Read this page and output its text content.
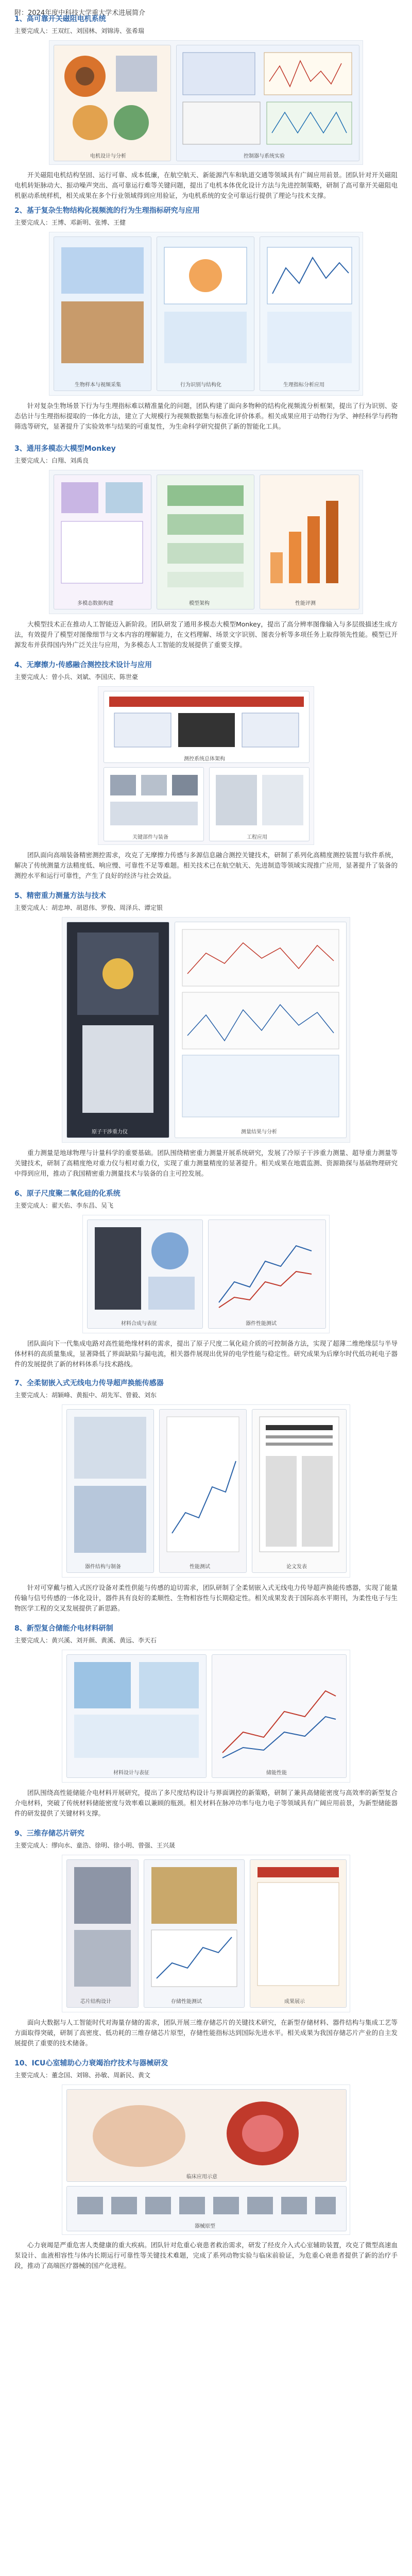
附：2024年度中科技大学重大学术进展简介

1、高可靠开关磁阻电机系统

主要完成人：王双红、刘国林、刘锦涛、张希瑞

电机设计与分析	控制器与系统实验

开关磁阻电机结构坚固、运行可靠、成本低廉，在航空航天、新能源汽车和轨道交通等领域具有广阔应用前景。团队针对开关磁阻电机转矩脉动大、振动噪声突出、高可靠运行难等关键问题，提出了电机本体优化设计方法与先进控制策略，研制了高可靠开关磁阻电机驱动系统样机，相关成果在多个行业领域得到应用验证，为电机系统的安全可靠运行提供了理论与技术支撑。

2、基于复杂生物结构化视频流的行为生理指标研究与应用

主要完成人：王博、邓新明、张博、王健

生物样本与视频采集	行为识别与结构化	生理指标分析应用

针对复杂生物场景下行为与生理指标难以精准量化的问题，团队构建了面向多物种的结构化视频流分析框架，提出了行为识别、姿态估计与生理指标提取的一体化方法，建立了大规模行为视频数据集与标准化评价体系。相关成果应用于动物行为学、神经科学与药物筛选等研究，显著提升了实验效率与结果的可重复性，为生命科学研究提供了新的智能化工具。

3、通用多模态大模型Monkey

主要完成人：白翔、刘禹良

多模态数据构建	模型架构	性能评测

大模型技术正在推动人工智能迈入新阶段。团队研发了通用多模态大模型Monkey，提出了高分辨率图像输入与多层级描述生成方法，有效提升了模型对图像细节与文本内容的理解能力，在文档理解、场景文字识别、图表分析等多项任务上取得领先性能。模型已开源发布并获得国内外广泛关注与应用，为多模态人工智能的发展提供了重要支撑。

4、无摩擦力·传感融合测控技术设计与应用

主要完成人：曾小兵、刘斌、李国庆、陈世豪

测控系统总体架构
关键部件与装备	工程应用

团队面向高端装备精密测控需求，攻克了无摩擦力传感与多源信息融合测控关键技术，研制了系列化高精度测控装置与软件系统，解决了传统测量方法精度低、响应慢、可靠性不足等难题。相关技术已在航空航天、先进制造等领域实现推广应用，显著提升了装备的测控水平和运行可靠性，产生了良好的经济与社会效益。

5、精密重力测量方法与技术

主要完成人：胡忠坤、胡恩伟、罗俊、周泽兵、谭定银

原子干涉重力仪	测量结果与分析

重力测量是地球物理与计量科学的重要基础。团队围绕精密重力测量开展系统研究，发展了冷原子干涉重力测量、超导重力测量等关键技术，研制了高精度绝对重力仪与相对重力仪，实现了重力测量精度的显著提升。相关成果在地震监测、资源勘探与基础物理研究中得到应用，推动了我国精密重力测量技术与装备的自主可控发展。

6、原子尺度聚二氧化硅的化系统

主要完成人：翟天佑、李东昌、吴飞

材料合成与表征	器件性能测试

团队面向下一代集成电路对高性能绝缘材料的需求，提出了原子尺度二氧化硅介质的可控制备方法，实现了超薄二维绝缘层与半导体材料的高质量集成，显著降低了界面缺陷与漏电流，相关器件展现出优异的电学性能与稳定性。研究成果为后摩尔时代低功耗电子器件的发展提供了新的材料体系与技术路线。

7、全柔韧嵌入式无线电力传导超声换能传感器

主要完成人：胡颖峰、黄振中、胡先军、曾毅、刘东

器件结构与制备	性能测试	论文发表

针对可穿戴与植入式医疗设备对柔性供能与传感的迫切需求，团队研制了全柔韧嵌入式无线电力传导超声换能传感器，实现了能量传输与信号传感的一体化设计，器件具有良好的柔顺性、生物相容性与长期稳定性。相关成果发表于国际高水平期刊，为柔性电子与生物医学工程的交叉发展提供了新思路。

8、新型复合储能介电材料研制

主要完成人：黄兴溪、刘开颜、黄溪、黄远、李天石

材料设计与表征	储能性能

团队围绕高性能储能介电材料开展研究，提出了多尺度结构设计与界面调控的新策略，研制了兼具高储能密度与高效率的新型复合介电材料，突破了传统材料储能密度与效率难以兼顾的瓶颈。相关材料在脉冲功率与电力电子等领域具有广阔应用前景，为新型储能器件的研发提供了关键材料支撑。

9、三维存储芯片研究

主要完成人：缪向水、童浩、徐明、徐小明、曾强、王兴晟

芯片结构设计	存储性能测试	成果展示

面向大数据与人工智能时代对海量存储的需求，团队开展三维存储芯片的关键技术研究，在新型存储材料、器件结构与集成工艺等方面取得突破，研制了高密度、低功耗的三维存储芯片原型，存储性能指标达到国际先进水平。相关成果为我国存储芯片产业的自主发展提供了重要的技术储备。

10、ICU心室辅助心力衰竭治疗技术与器械研发

主要完成人：董念国、刘锦、孙敏、周新民、黄文

临床应用示意
器械原型

心力衰竭是严重危害人类健康的重大疾病。团队针对危重心衰患者救治需求，研发了经皮介入式心室辅助装置，攻克了微型高速血泵设计、血液相容性与体内长期运行可靠性等关键技术难题，完成了系列动物实验与临床前验证，为危重心衰患者提供了新的治疗手段，推动了高端医疗器械的国产化进程。
